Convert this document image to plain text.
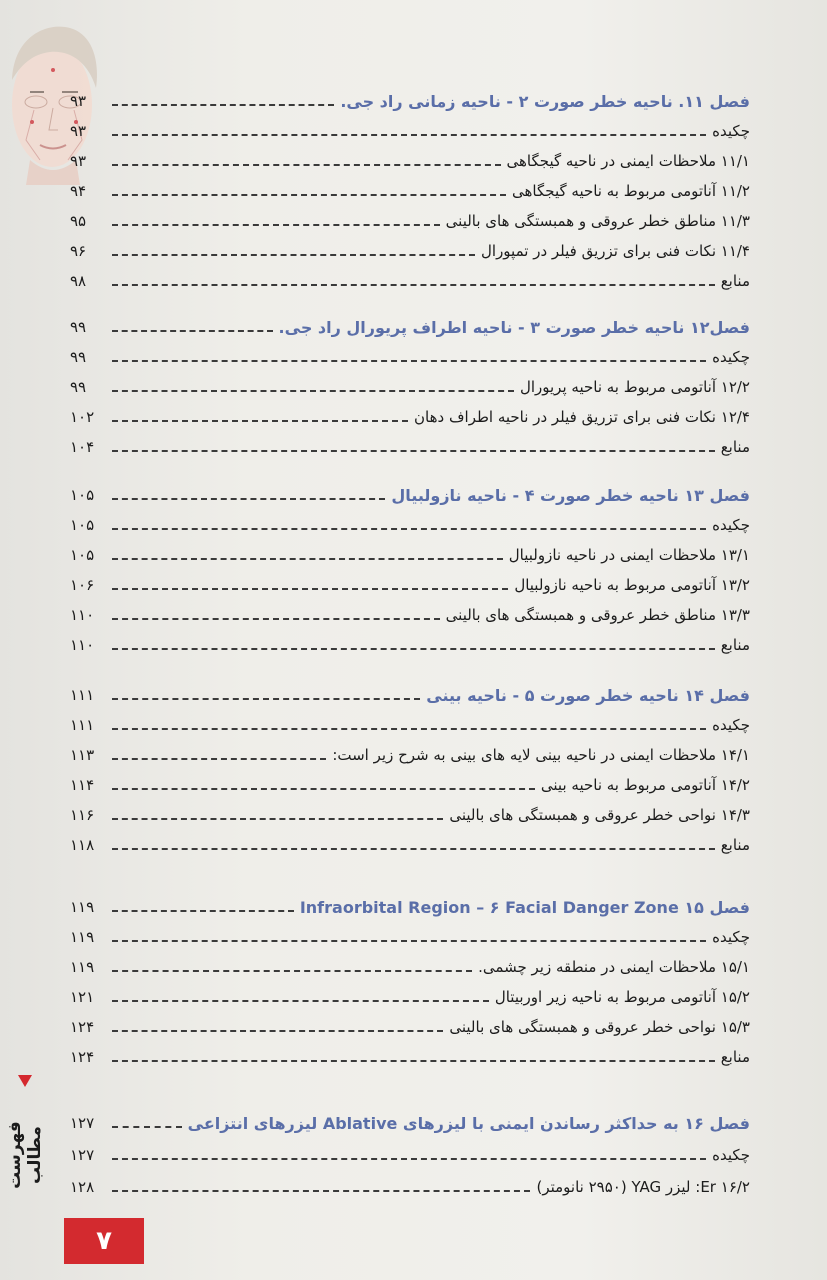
فصل ۱۱. ناحیه خطر صورت ۲ - ناحیه زمانی راد جی.
۹۳
چکیده
۹۳
۱۱/۱ ملاحظات ایمنی در ناحیه گیجگاهی
۹۳
۱۱/۲ آناتومی مربوط به ناحیه گیجگاهی
۹۴
۱۱/۳ مناطق خطر عروقی و همبستگی های بالینی
۹۵
۱۱/۴ نکات فنی برای تزریق فیلر در تمپورال
۹۶
منابع
۹۸
فصل۱۲ ناحیه خطر صورت ۳ - ناحیه اطراف پریورال راد جی.
۹۹
چکیده
۹۹
۱۲/۲ آناتومی مربوط به ناحیه پریورال
۹۹
۱۲/۴ نکات فنی برای تزریق فیلر در ناحیه اطراف دهان
۱۰۲
منابع
۱۰۴
فصل ۱۳ ناحیه خطر صورت ۴ - ناحیه نازولبیال
۱۰۵
چکیده
۱۰۵
۱۳/۱ ملاحظات ایمنی در ناحیه نازولبیال
۱۰۵
۱۳/۲ آناتومی مربوط به ناحیه نازولبیال
۱۰۶
۱۳/۳ مناطق خطر عروقی و همبستگی های بالینی
۱۱۰
منابع
۱۱۰
فصل ۱۴ ناحیه خطر صورت ۵ - ناحیه بینی
۱۱۱
چکیده
۱۱۱
۱۴/۱ ملاحظات ایمنی در ناحیه بینی لایه های بینی به شرح زیر است:
۱۱۳
۱۴/۲ آناتومی مربوط به ناحیه بینی
۱۱۴
۱۴/۳ نواحی خطر عروقی و همبستگی های بالینی
۱۱۶
منابع
۱۱۸
فصل ۱۵ Infraorbital Region – ۶ Facial Danger Zone
۱۱۹
چکیده
۱۱۹
۱۵/۱ ملاحظات ایمنی در منطقه زیر چشمی.
۱۱۹
۱۵/۲ آناتومی مربوط به ناحیه زیر اوربیتال
۱۲۱
۱۵/۳ نواحی خطر عروقی و همبستگی های بالینی
۱۲۴
منابع
۱۲۴
فصل ۱۶ به حداکثر رساندن ایمنی با لیزرهای Ablative لیزرهای انتزاعی
۱۲۷
چکیده
۱۲۷
۱۶/۲ Er: لیزر YAG (۲۹۵۰ نانومتر)
۱۲۸
فهرست مطالب
۷
